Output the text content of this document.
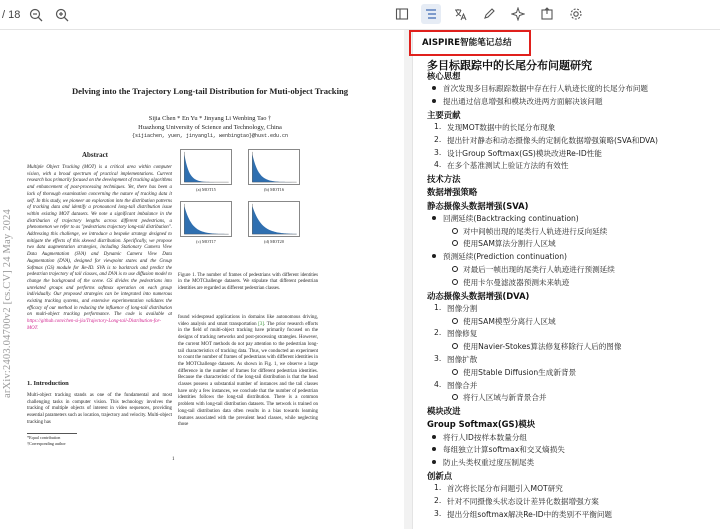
/ 18
arXiv:2403.04700v2 [cs.CV] 24 May 2024
Delving into the Trajectory Long-tail Distribution for Muti-object Tracking
Sijia Chen * En Yu * Jinyang Li Wenbing Tao †
Huazhong University of Science and Technology, China
{sijiachen, yuen, jinyangli, wenbingtao}@hust.edu.cn
Abstract
Multiple Object Tracking (MOT) is a critical area within computer vision, with a broad spectrum of practical implementations. Current research has primarily focused on the development of tracking algorithms and enhancement of post-processing techniques. Yet, there has been a lack of thorough examination concerning the nature of tracking data it self. In this study, we pioneer an exploration into the distribution patterns of tracking data and identify a pronounced long-tail distribution issue within existing MOT datasets. We note a significant imbalance in the distribution of trajectory lengths across different pedestrians, a phenomenon we refer to as "pedestrians trajectory long-tail distribution". Addressing this challenge, we introduce a bespoke strategy designed to mitigate the effects of this skewed distribution. Specifically, we propose two data augmentation strategies, including Stationary Camera View Data Augmentation (SVA) and Dynamic Camera View Data Augmentation (DVA), designed for viewpoint states and the Group Softmax (GS) module for Re-ID. SVA is to backtrack and predict the pedestrian trajectory of tail classes, and DVA is to use diffusion model to change the background of the scene. GS divides the pedestrians into unrelated groups and performs softmax operation on each group individually. Our proposed strategies can be integrated into numerous existing tracking systems, and extensive experimentation validates the efficacy of our method in reducing the influence of long-tail distribution on multi-object tracking performance. The code is available at https://github.com/chen-si-jia/Trajectory-Long-tail-Distribution-for-MOT.
1. Introduction
Multi-object tracking stands as one of the fundamental and most challenging tasks in computer vision. This technology involves the tracking of multiple objects of interest in video sequences, providing essential parameters such as location, trajectory and velocity. Multi-object tracking has
*Equal contribution
†Corresponding author
(a) MOT15	(b) MOT16
(c) MOT17	(d) MOT20
Figure 1. The number of frames of pedestrians with different identities in the MOTChallenge datasets. We stipulate that different pedestrian identities are regarded as different pedestrian classes.
found widespread applications in domains like autonomous driving, video analysis and smart transportation [3]. The prior research efforts in the field of multi-object tracking have primarily focused on the designs of tracking networks and post-processing strategies. However, the current MOT methods do not pay attention to the pedestrian long-tail characteristics of tracking data. Thus, we conducted an experiment to count the number of frames of pedestrians with different identities in the MOTChallenge datasets. As shown in Fig. 1, we observe a large difference in the number of frames for different pedestrian identities. Because the characteristic of the long-tail distribution is that the head classes possess a substantial number of instances and the tail classes have only a few instances, we conclude that the number of pedestrian identities follows the long-tail distribution. There is a common problem with long-tail distribution datasets. The network is trained on long-tail distribution data often results in a bias towards learning features associated with the prevalent head classes, while neglecting those
1
AISPIRE智能笔记总结
多目标跟踪中的长尾分布问题研究
核心思想
首次发现多目标跟踪数据中存在行人轨迹长度的长尾分布问题
提出通过信息增强和模块改进两方面解决该问题
主要贡献
1. 发现MOT数据中的长尾分布现象
2. 提出针对静态和动态摄像头的定制化数据增强策略(SVA和DVA)
3. 设计Group Softmax(GS)模块改进Re-ID性能
4. 在多个基准测试上验证方法的有效性
技术方法
数据增强策略
静态摄像头数据增强(SVA)
回溯延续(Backtracking continuation)
对中间帧出现的尾类行人轨迹进行反向延续
使用SAM算法分割行人区域
预测延续(Prediction continuation)
对最后一帧出现的尾类行人轨迹进行预测延续
使用卡尔曼滤波器预测未来轨迹
动态摄像头数据增强(DVA)
1. 图像分割
使用SAM模型分离行人区域
2. 图像修复
使用Navier-Stokes算法修复移除行人后的图像
3. 图像扩散
使用Stable Diffusion生成新背景
4. 图像合并
将行人区域与新背景合并
模块改进
Group Softmax(GS)模块
将行人ID按样本数量分组
每组独立计算softmax和交叉熵损失
防止头类权重过度压制尾类
创新点
1. 首次将长尾分布问题引入MOT研究
2. 针对不同摄像头状态设计差异化数据增强方案
3. 提出分组softmax解决Re-ID中的类别不平衡问题
